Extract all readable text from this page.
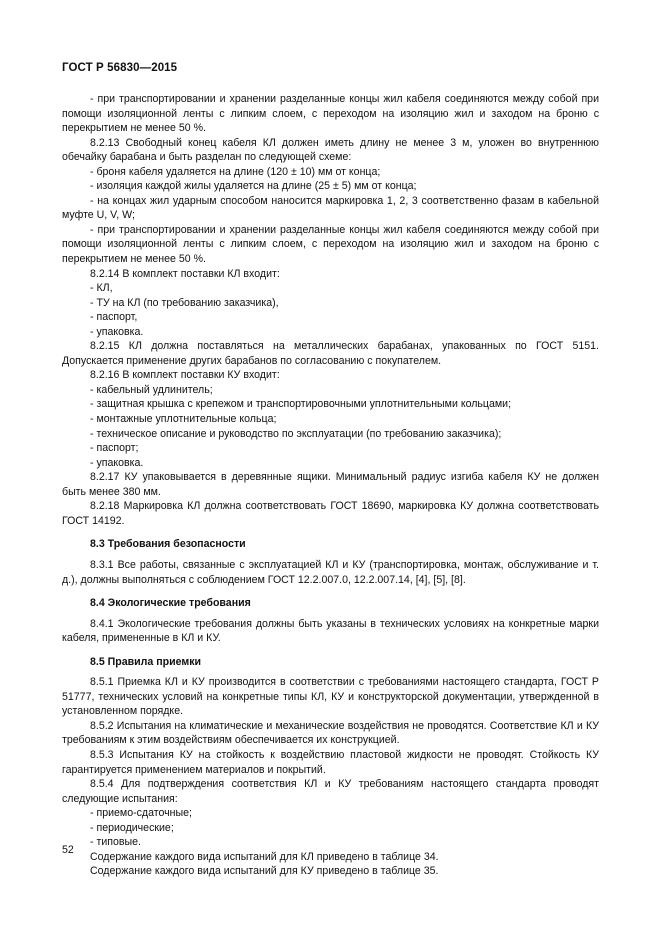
ГОСТ Р 56830—2015

- при транспортировании и хранении разделанные концы жил кабеля соединяются между собой при помощи изоляционной ленты с липким слоем, с переходом на изоляцию жил и заходом на броню с перекрытием не менее 50 %.

8.2.13 Свободный конец кабеля КЛ должен иметь длину не менее 3 м, уложен во внутреннюю обечайку барабана и быть разделан по следующей схеме:

- броня кабеля удаляется на длине (120 ± 10) мм от конца;

- изоляция каждой жилы удаляется на длине (25 ± 5) мм от конца;

- на концах жил ударным способом наносится маркировка 1, 2, 3 соответственно фазам в кабельной муфте U, V, W;

- при транспортировании и хранении разделанные концы жил кабеля соединяются между собой при помощи изоляционной ленты с липким слоем, с переходом на изоляцию жил и заходом на броню с перекрытием не менее 50 %.

8.2.14 В комплект поставки КЛ входит:

- КЛ,

- ТУ на КЛ (по требованию заказчика),

- паспорт,

- упаковка.

8.2.15 КЛ должна поставляться на металлических барабанах, упакованных по ГОСТ 5151. Допускается применение других барабанов по согласованию с покупателем.

8.2.16 В комплект поставки КУ входит:

- кабельный удлинитель;

- защитная крышка с крепежом и транспортировочными уплотнительными кольцами;

- монтажные уплотнительные кольца;

- техническое описание и руководство по эксплуатации (по требованию заказчика);

- паспорт;

- упаковка.

8.2.17 КУ упаковывается в деревянные ящики. Минимальный радиус изгиба кабеля КУ не должен быть менее 380 мм.

8.2.18 Маркировка КЛ должна соответствовать ГОСТ 18690, маркировка КУ должна соответствовать ГОСТ 14192.

8.3 Требования безопасности

8.3.1 Все работы, связанные с эксплуатацией КЛ и КУ (транспортировка, монтаж, обслуживание и т. д.), должны выполняться с соблюдением ГОСТ 12.2.007.0, 12.2.007.14, [4], [5], [8].

8.4 Экологические требования

8.4.1 Экологические требования должны быть указаны в технических условиях на конкретные марки кабеля, примененные в КЛ и КУ.

8.5 Правила приемки

8.5.1 Приемка КЛ и КУ производится в соответствии с требованиями настоящего стандарта, ГОСТ Р 51777, технических условий на конкретные типы КЛ, КУ и конструкторской документации, утвержденной в установленном порядке.

8.5.2 Испытания на климатические и механические воздействия не проводятся. Соответствие КЛ и КУ требованиям к этим воздействиям обеспечивается их конструкцией.

8.5.3 Испытания КУ на стойкость к воздействию пластовой жидкости не проводят. Стойкость КУ гарантируется применением материалов и покрытий.

8.5.4 Для подтверждения соответствия КЛ и КУ требованиям настоящего стандарта проводят следующие испытания:

- приемо-сдаточные;

- периодические;

- типовые.

Содержание каждого вида испытаний для КЛ приведено в таблице 34.

Содержание каждого вида испытаний для КУ приведено в таблице 35.

52
